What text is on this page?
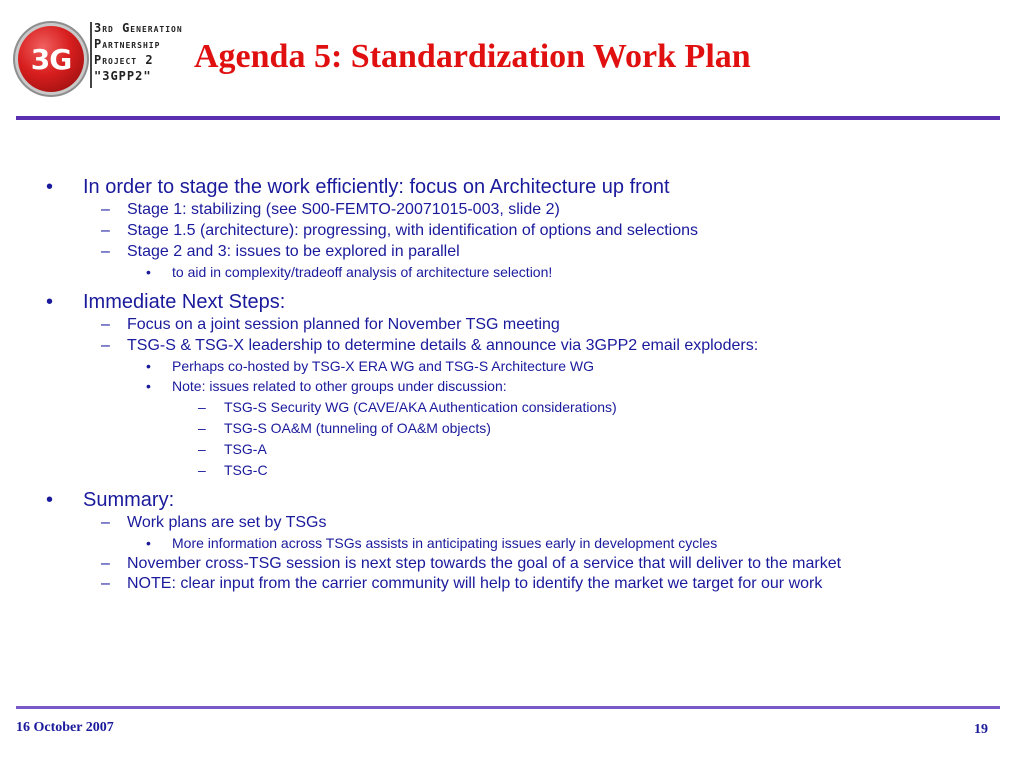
3G
3rd Generation
Partnership
Project 2
"3GPP2"
Agenda 5: Standardization Work Plan
• In order to stage the work efficiently: focus on Architecture up front
– Stage 1: stabilizing (see S00-FEMTO-20071015-003, slide 2)
– Stage 1.5 (architecture): progressing, with identification of options and selections
– Stage 2 and 3: issues to be explored in parallel
• to aid in complexity/tradeoff analysis of architecture selection!
• Immediate Next Steps:
– Focus on a joint session planned for November TSG meeting
– TSG-S & TSG-X leadership to determine details & announce via 3GPP2 email exploders:
• Perhaps co-hosted by TSG-X ERA WG and TSG-S Architecture WG
• Note: issues related to other groups under discussion:
– TSG-S Security WG (CAVE/AKA Authentication considerations)
– TSG-S OA&M (tunneling of OA&M objects)
– TSG-A
– TSG-C
• Summary:
– Work plans are set by TSGs
• More information across TSGs assists in anticipating issues early in development cycles
– November cross-TSG session is next step towards the goal of a service that will deliver to the market
– NOTE: clear input from the carrier community will help to identify the market we target for our work
16 October 2007	19
